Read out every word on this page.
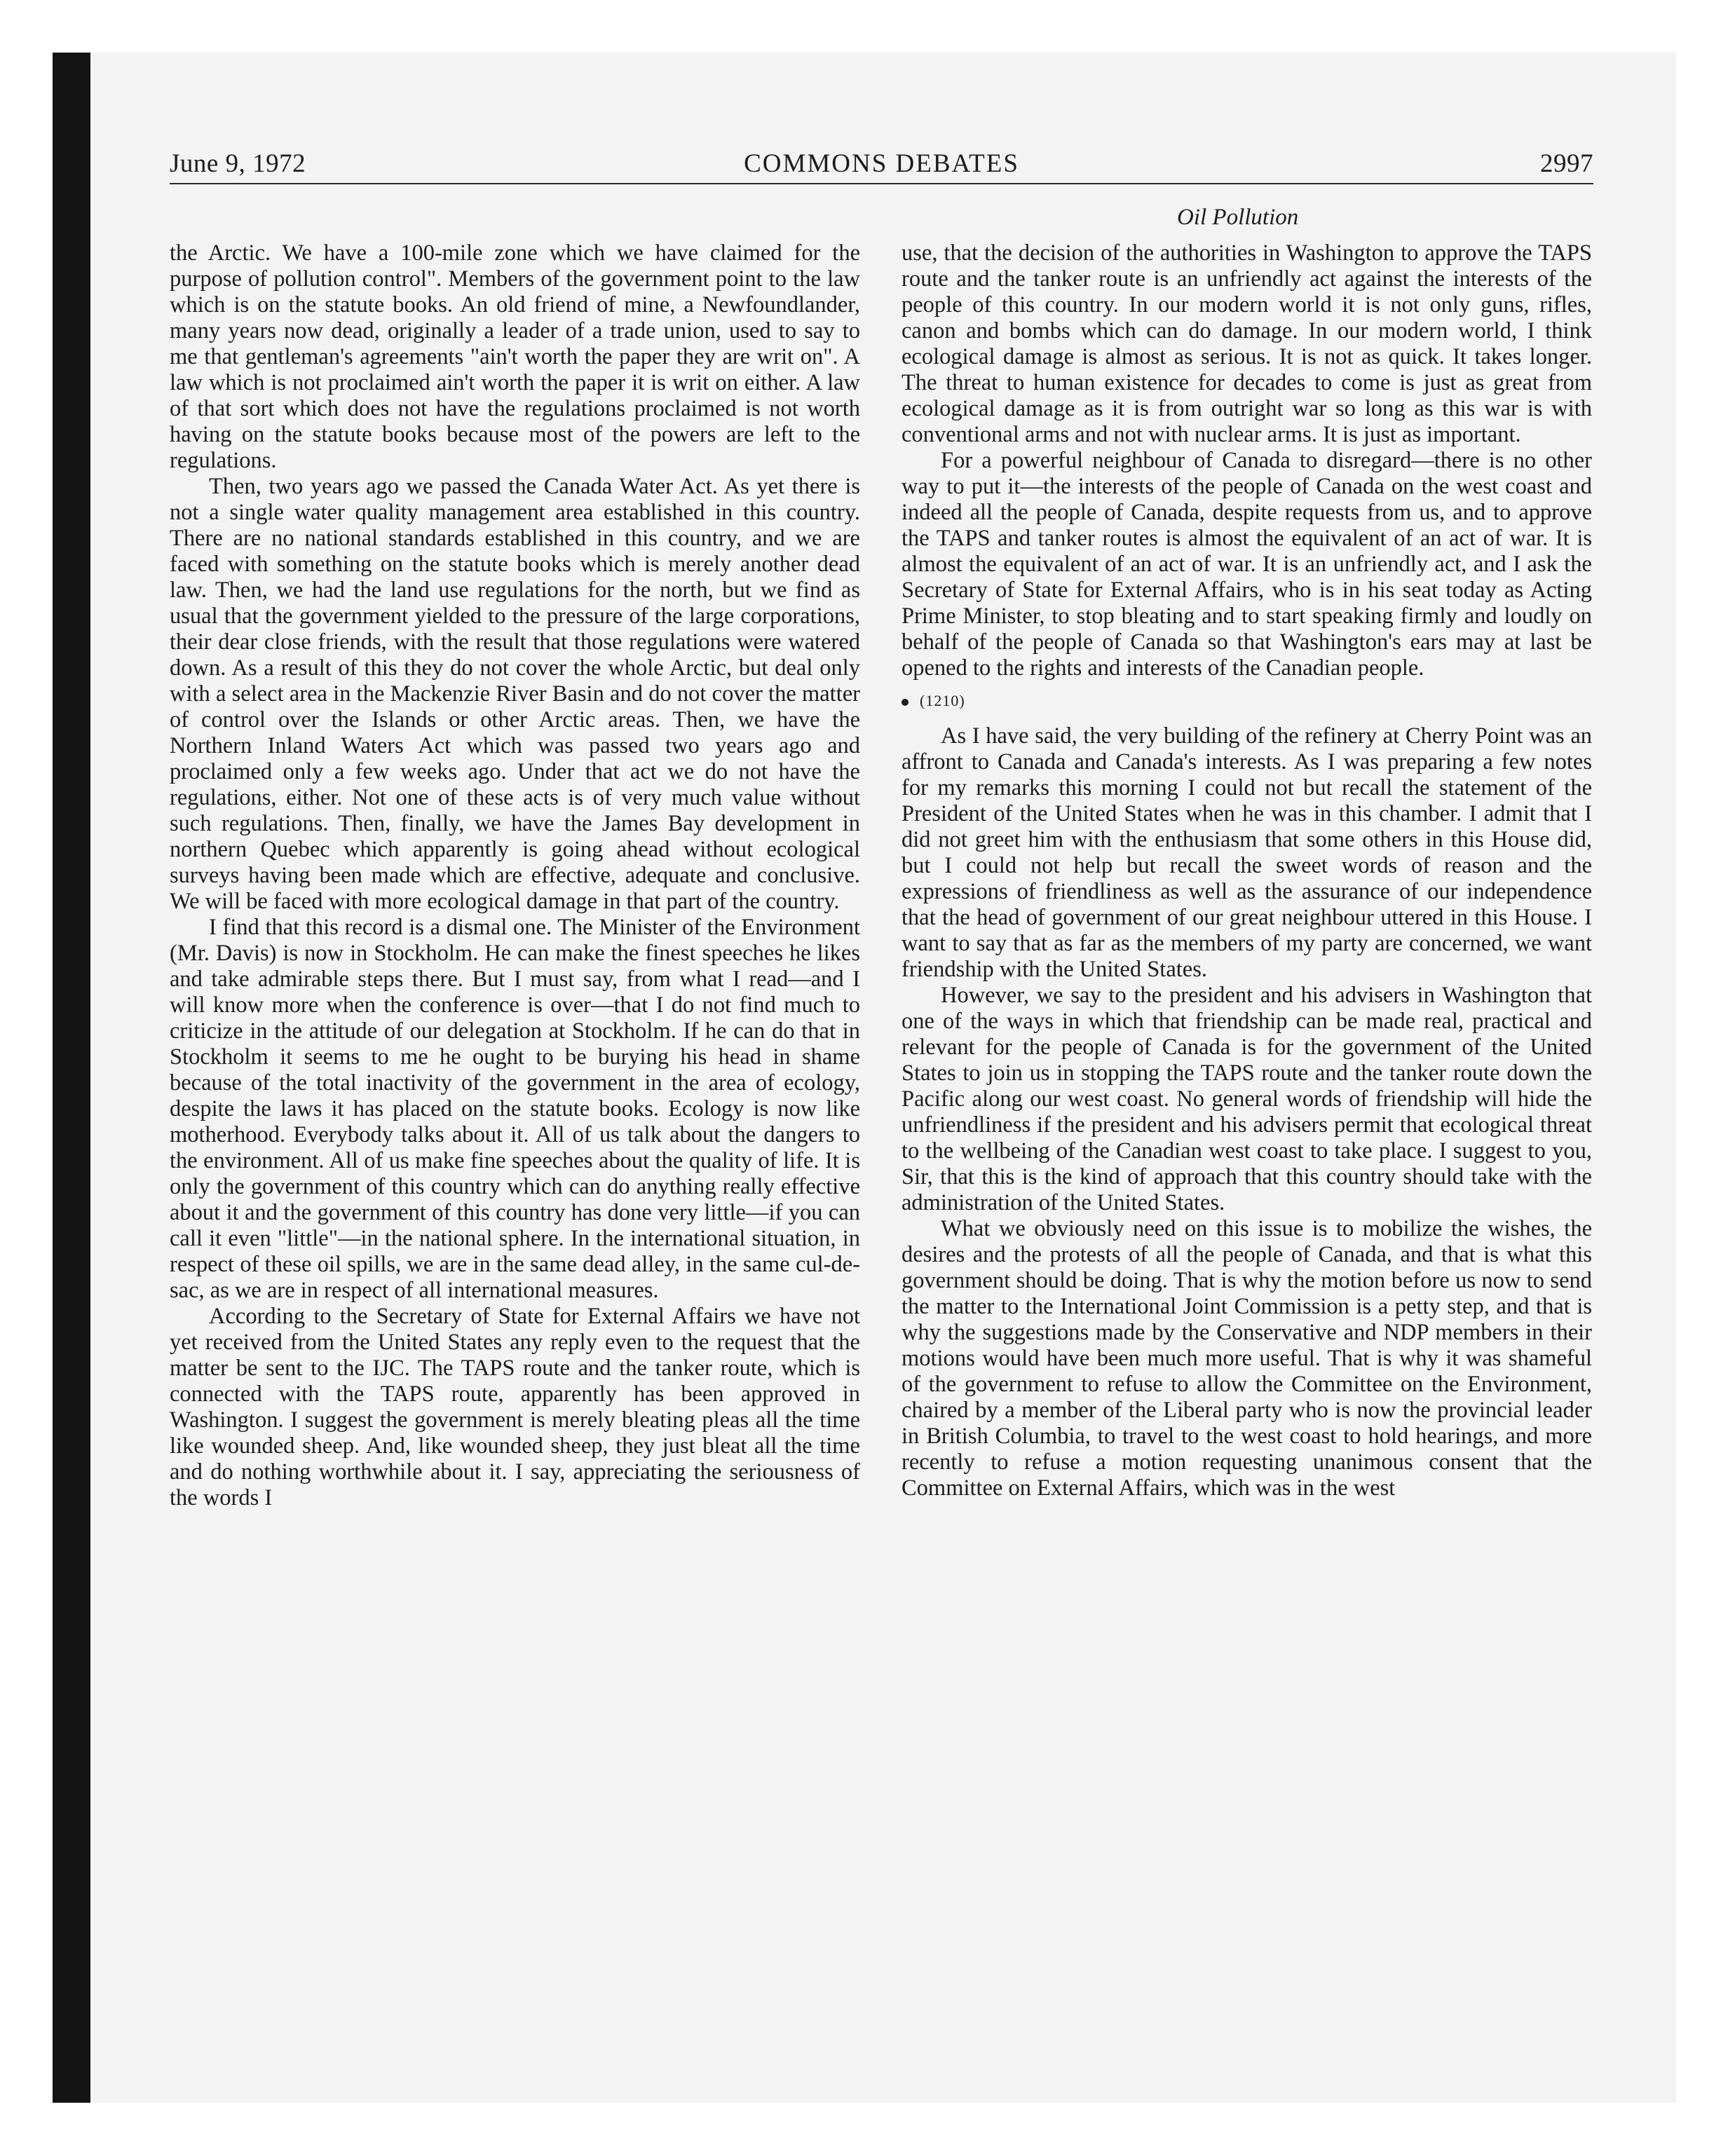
June 9, 1972	COMMONS DEBATES	2997
Oil Pollution

the Arctic. We have a 100-mile zone which we have claimed for the purpose of pollution control". Members of the government point to the law which is on the statute books. An old friend of mine, a Newfoundlander, many years now dead, originally a leader of a trade union, used to say to me that gentleman's agreements "ain't worth the paper they are writ on". A law which is not proclaimed ain't worth the paper it is writ on either. A law of that sort which does not have the regulations proclaimed is not worth having on the statute books because most of the powers are left to the regulations.

Then, two years ago we passed the Canada Water Act. As yet there is not a single water quality management area established in this country. There are no national standards established in this country, and we are faced with something on the statute books which is merely another dead law. Then, we had the land use regulations for the north, but we find as usual that the government yielded to the pressure of the large corporations, their dear close friends, with the result that those regulations were watered down. As a result of this they do not cover the whole Arctic, but deal only with a select area in the Mackenzie River Basin and do not cover the matter of control over the Islands or other Arctic areas. Then, we have the Northern Inland Waters Act which was passed two years ago and proclaimed only a few weeks ago. Under that act we do not have the regulations, either. Not one of these acts is of very much value without such regulations. Then, finally, we have the James Bay development in northern Quebec which apparently is going ahead without ecological surveys having been made which are effective, adequate and conclusive. We will be faced with more ecological damage in that part of the country.

I find that this record is a dismal one. The Minister of the Environment (Mr. Davis) is now in Stockholm. He can make the finest speeches he likes and take admirable steps there. But I must say, from what I read—and I will know more when the conference is over—that I do not find much to criticize in the attitude of our delegation at Stockholm. If he can do that in Stockholm it seems to me he ought to be burying his head in shame because of the total inactivity of the government in the area of ecology, despite the laws it has placed on the statute books. Ecology is now like motherhood. Everybody talks about it. All of us talk about the dangers to the environment. All of us make fine speeches about the quality of life. It is only the government of this country which can do anything really effective about it and the government of this country has done very little—if you can call it even "little"—in the national sphere. In the international situation, in respect of these oil spills, we are in the same dead alley, in the same cul-de-sac, as we are in respect of all international measures.

According to the Secretary of State for External Affairs we have not yet received from the United States any reply even to the request that the matter be sent to the IJC. The TAPS route and the tanker route, which is connected with the TAPS route, apparently has been approved in Washington. I suggest the government is merely bleating pleas all the time like wounded sheep. And, like wounded sheep, they just bleat all the time and do nothing worthwhile about it. I say, appreciating the seriousness of the words I

use, that the decision of the authorities in Washington to approve the TAPS route and the tanker route is an unfriendly act against the interests of the people of this country. In our modern world it is not only guns, rifles, canon and bombs which can do damage. In our modern world, I think ecological damage is almost as serious. It is not as quick. It takes longer. The threat to human existence for decades to come is just as great from ecological damage as it is from outright war so long as this war is with conventional arms and not with nuclear arms. It is just as important.

For a powerful neighbour of Canada to disregard—there is no other way to put it—the interests of the people of Canada on the west coast and indeed all the people of Canada, despite requests from us, and to approve the TAPS and tanker routes is almost the equivalent of an act of war. It is almost the equivalent of an act of war. It is an unfriendly act, and I ask the Secretary of State for External Affairs, who is in his seat today as Acting Prime Minister, to stop bleating and to start speaking firmly and loudly on behalf of the people of Canada so that Washington's ears may at last be opened to the rights and interests of the Canadian people.

(1210)

As I have said, the very building of the refinery at Cherry Point was an affront to Canada and Canada's interests. As I was preparing a few notes for my remarks this morning I could not but recall the statement of the President of the United States when he was in this chamber. I admit that I did not greet him with the enthusiasm that some others in this House did, but I could not help but recall the sweet words of reason and the expressions of friendliness as well as the assurance of our independence that the head of government of our great neighbour uttered in this House. I want to say that as far as the members of my party are concerned, we want friendship with the United States.

However, we say to the president and his advisers in Washington that one of the ways in which that friendship can be made real, practical and relevant for the people of Canada is for the government of the United States to join us in stopping the TAPS route and the tanker route down the Pacific along our west coast. No general words of friendship will hide the unfriendliness if the president and his advisers permit that ecological threat to the wellbeing of the Canadian west coast to take place. I suggest to you, Sir, that this is the kind of approach that this country should take with the administration of the United States.

What we obviously need on this issue is to mobilize the wishes, the desires and the protests of all the people of Canada, and that is what this government should be doing. That is why the motion before us now to send the matter to the International Joint Commission is a petty step, and that is why the suggestions made by the Conservative and NDP members in their motions would have been much more useful. That is why it was shameful of the government to refuse to allow the Committee on the Environment, chaired by a member of the Liberal party who is now the provincial leader in British Columbia, to travel to the west coast to hold hearings, and more recently to refuse a motion requesting unanimous consent that the Committee on External Affairs, which was in the west
